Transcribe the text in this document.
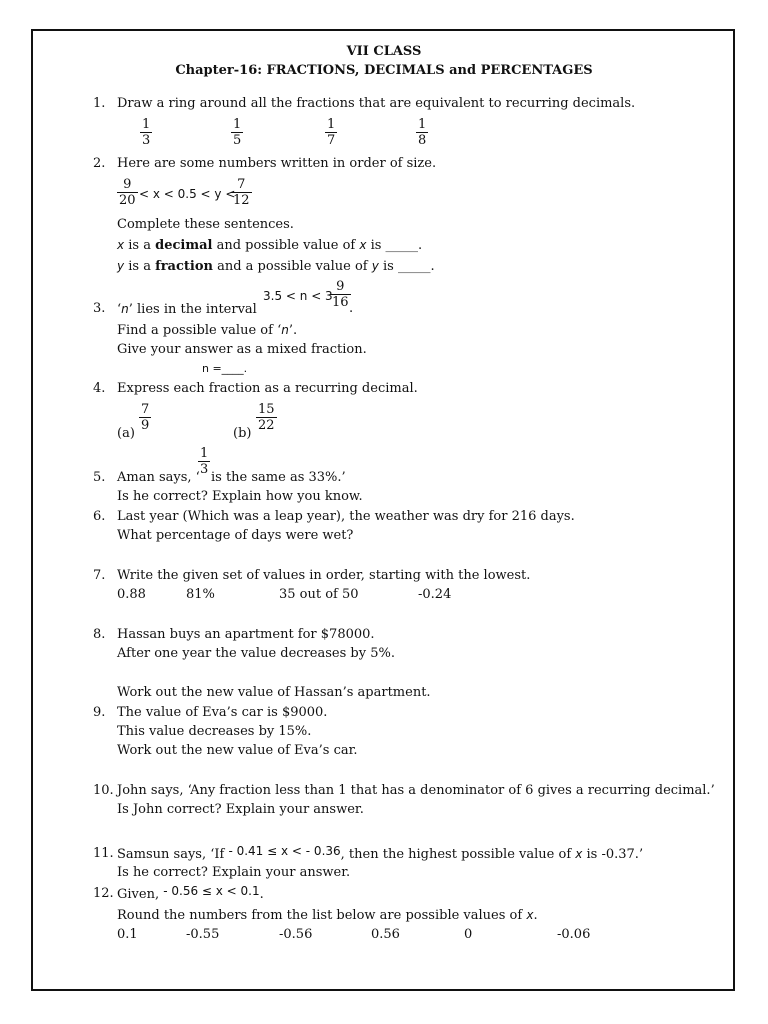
VII CLASS
Chapter-16: FRACTIONS, DECIMALS and PERCENTAGES
1. Draw a ring around all the fractions that are equivalent to recurring decimals.
1
3
1
5
1
7
1
8
2. Here are some numbers written in order of size.
9
20 < x < 0.5 < y <
7
12
Complete these sentences.
x is a decimal and possible value of x is _____.
y is a fraction and a possible value of y is _____.
3.5 < n < 3
9
16 .
3. ‘n’ lies in the interval
Find a possible value of ‘n’.
Give your answer as a mixed fraction.
n =____.
4. Express each fraction as a recurring decimal.
(a)
7
9
(b)
15
22
1
3
5. Aman says, ‘ is the same as 33%.’
Is he correct? Explain how you know.
6. Last year (Which was a leap year), the weather was dry for 216 days.
What percentage of days were wet?
7. Write the given set of values in order, starting with the lowest.
0.88	81%	35 out of 50	-0.24
8. Hassan buys an apartment for $78000.
After one year the value decreases by 5%.
Work out the new value of Hassan’s apartment.
9. The value of Eva’s car is $9000.
This value decreases by 15%.
Work out the new value of Eva’s car.
10. John says, ‘Any fraction less than 1 that has a denominator of 6 gives a recurring decimal.’
Is John correct? Explain your answer.
11. Samsun says, ‘If - 0.41 ≤ x < - 0.36, then the highest possible value of x is -0.37.’
Is he correct? Explain your answer.
12. Given, - 0.56 ≤ x < 0.1.
Round the numbers from the list below are possible values of x.
0.1	-0.55	-0.56	0.56	0	-0.06
